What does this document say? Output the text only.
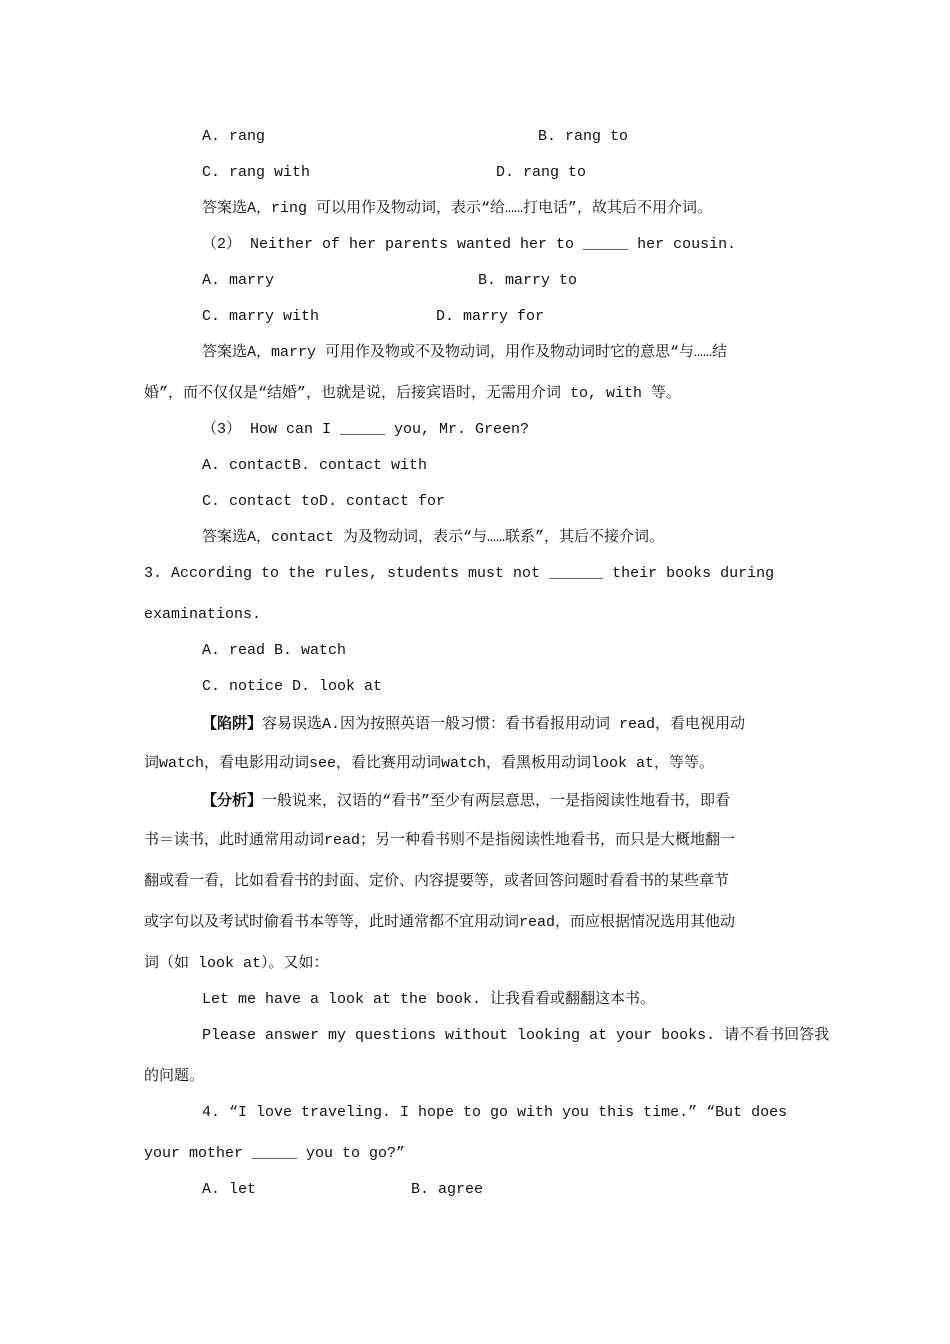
A. rang	B. rang to
C. rang with	D. rang to
答案选A，ring 可以用作及物动词，表示“给……打电话”，故其后不用介词。
（2） Neither of her parents wanted her to _____ her cousin.
A. marry	B. marry to
C. marry with	D. marry for
答案选A，marry 可用作及物或不及物动词，用作及物动词时它的意思“与……结
婚”，而不仅仅是“结婚”，也就是说，后接宾语时，无需用介词 to, with 等。
（3） How can I _____ you, Mr. Green?
A. contactB. contact with
C. contact toD. contact for
答案选A，contact 为及物动词，表示“与……联系”，其后不接介词。
3. According to the rules, students must not ______ their books during
examinations.
A. read B. watch
C. notice D. look at
【陷阱】容易误选A.因为按照英语一般习惯：看书看报用动词 read，看电视用动
词watch，看电影用动词see，看比赛用动词watch，看黑板用动词look at，等等。
【分析】一般说来，汉语的“看书”至少有两层意思，一是指阅读性地看书，即看
书＝读书，此时通常用动词read；另一种看书则不是指阅读性地看书，而只是大概地翻一
翻或看一看，比如看看书的封面、定价、内容提要等，或者回答问题时看看书的某些章节
或字句以及考试时偷看书本等等，此时通常都不宜用动词read，而应根据情况选用其他动
词（如 look at）。又如：
Let me have a look at the book. 让我看看或翻翻这本书。
Please answer my questions without looking at your books. 请不看书回答我
的问题。
4. “I love traveling. I hope to go with you this time.” “But does
your mother _____ you to go?”
A. let	B. agree
